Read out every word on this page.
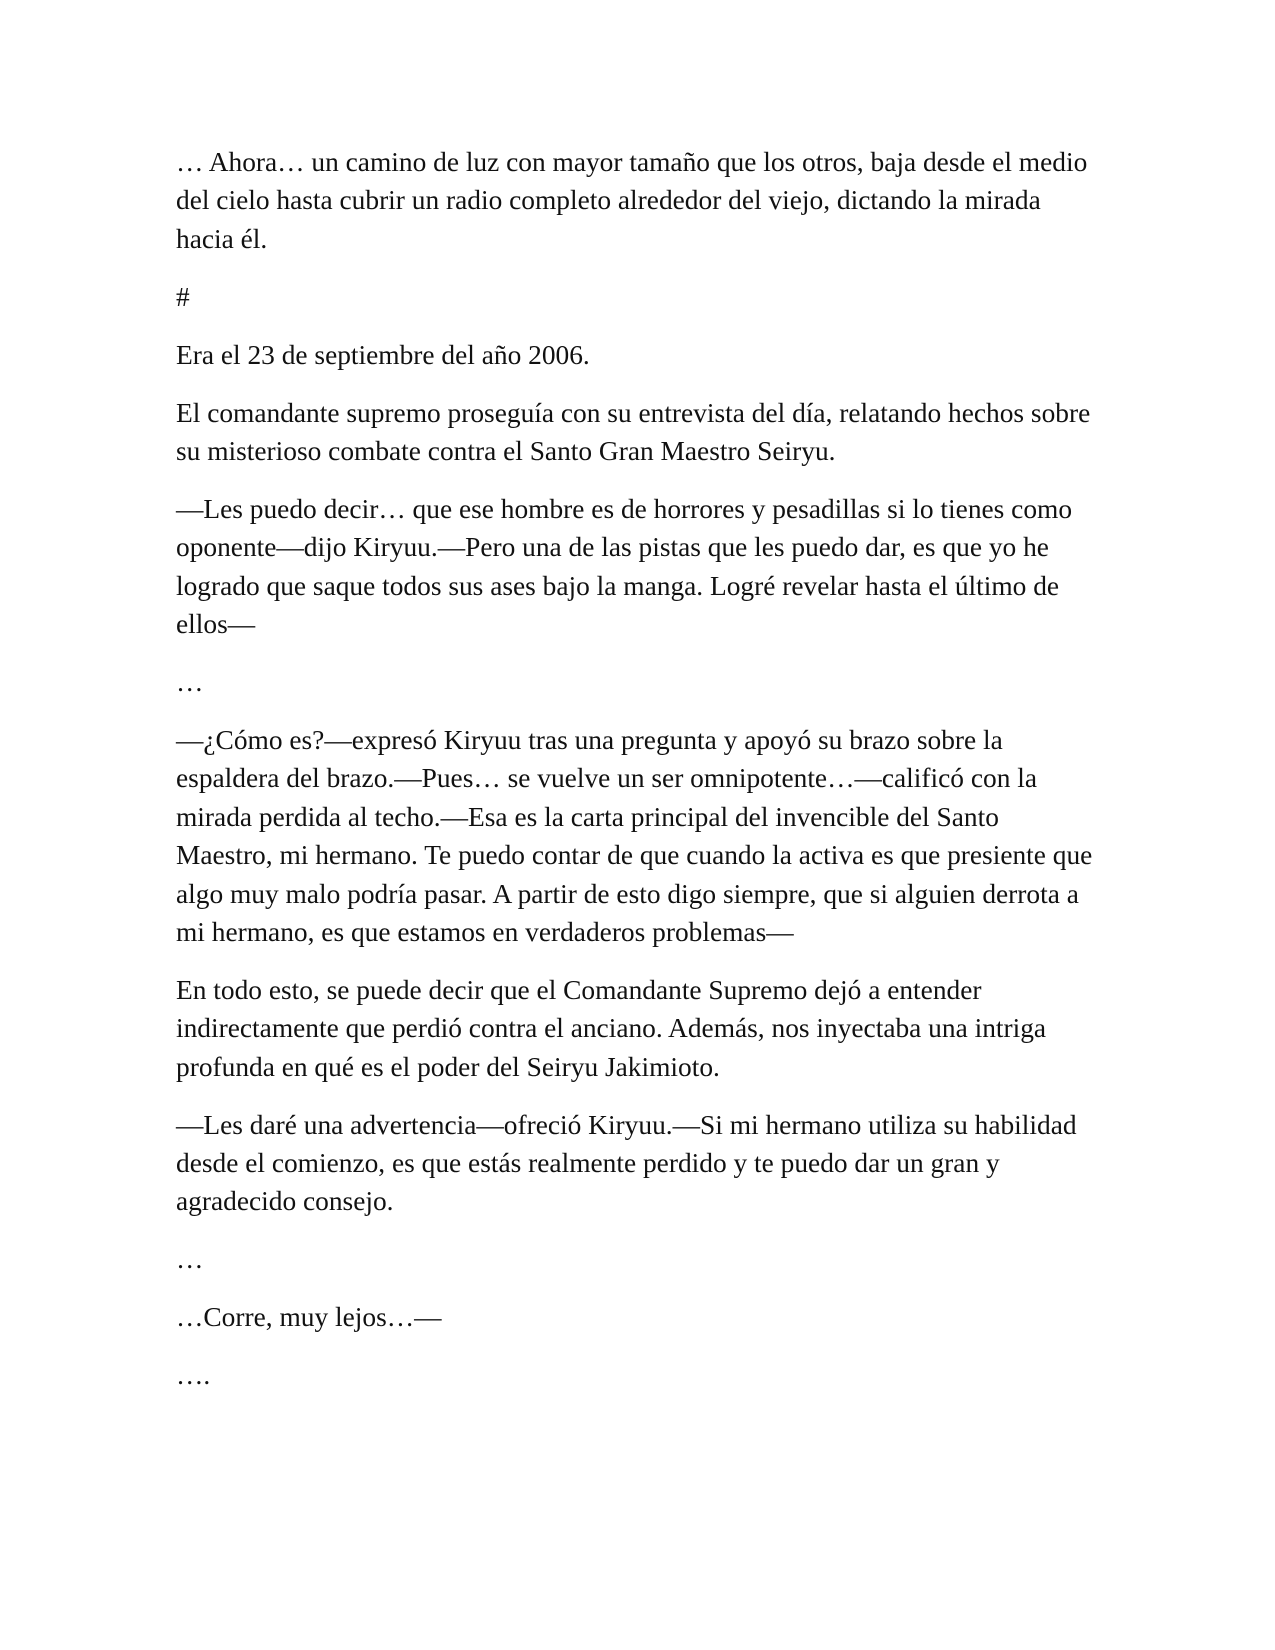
… Ahora… un camino de luz con mayor tamaño que los otros, baja desde el medio del cielo hasta cubrir un radio completo alrededor del viejo, dictando la mirada hacia él.

#

Era el 23 de septiembre del año 2006.

El comandante supremo proseguía con su entrevista del día, relatando hechos sobre su misterioso combate contra el Santo Gran Maestro Seiryu.

—Les puedo decir… que ese hombre es de horrores y pesadillas si lo tienes como oponente—dijo Kiryuu.—Pero una de las pistas que les puedo dar, es que yo he logrado que saque todos sus ases bajo la manga. Logré revelar hasta el último de ellos—

…

—¿Cómo es?—expresó Kiryuu tras una pregunta y apoyó su brazo sobre la espaldera del brazo.—Pues… se vuelve un ser omnipotente…—calificó con la mirada perdida al techo.—Esa es la carta principal del invencible del Santo Maestro, mi hermano. Te puedo contar de que cuando la activa es que presiente que algo muy malo podría pasar. A partir de esto digo siempre, que si alguien derrota a mi hermano, es que estamos en verdaderos problemas—

En todo esto, se puede decir que el Comandante Supremo dejó a entender indirectamente que perdió contra el anciano. Además, nos inyectaba una intriga profunda en qué es el poder del Seiryu Jakimioto.

—Les daré una advertencia—ofreció Kiryuu.—Si mi hermano utiliza su habilidad desde el comienzo, es que estás realmente perdido y te puedo dar un gran y agradecido consejo.

…

…Corre, muy lejos…—

….
